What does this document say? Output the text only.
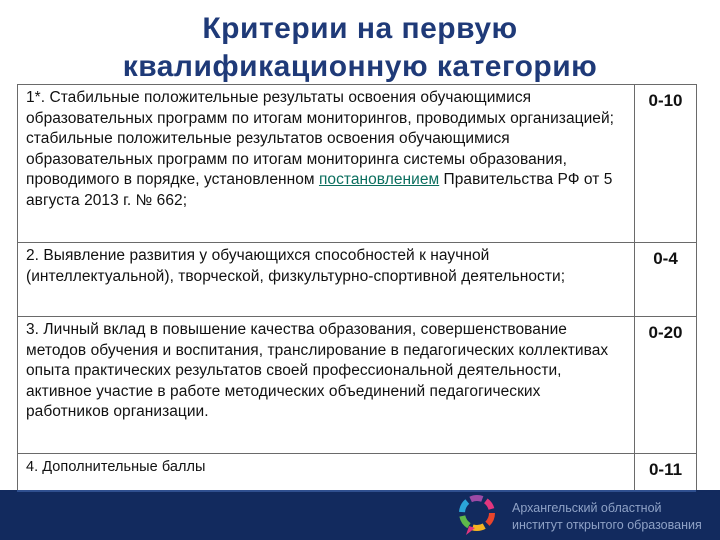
Критерии на первую
квалификационную категорию
1*. Стабильные положительные результаты освоения обучающимися образовательных программ по итогам мониторингов, проводимых организацией; стабильные положительные результатов освоения обучающимися образовательных программ по итогам мониторинга системы образования, проводимого в порядке, установленном постановлением Правительства РФ от 5 августа 2013 г. № 662;	0-10
2. Выявление развития у обучающихся способностей к научной (интеллектуальной), творческой, физкультурно-спортивной деятельности;	0-4
3. Личный вклад в повышение качества образования, совершенствование методов обучения и воспитания, транслирование в педагогических коллективах опыта практических результатов своей профессиональной деятельности, активное участие в работе методических объединений педагогических работников организации.	0-20
4. Дополнительные баллы	0-11
Архангельский областной
институт открытого образования
